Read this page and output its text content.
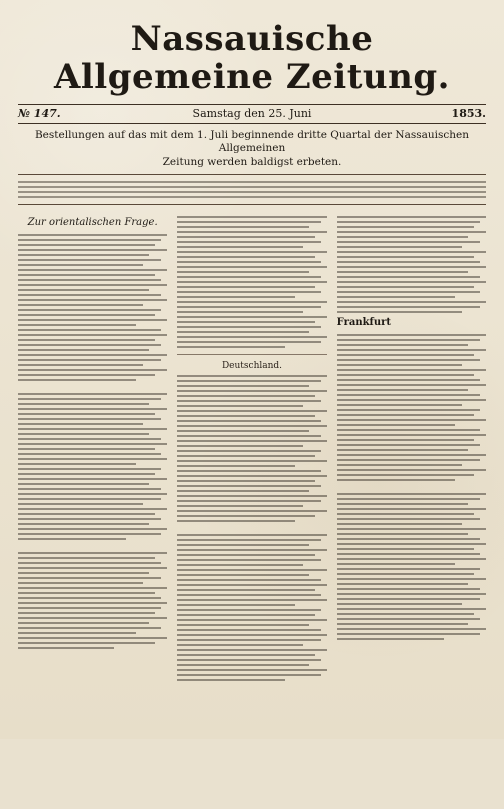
Nassauische Allgemeine Zeitung.
№ 147.	Samstag den 25. Juni	1853.
Bestellungen auf das mit dem 1. Juli beginnende dritte Quartal der Nassauischen Allgemeinen
Zeitung werden baldigst erbeten.
Zur orientalischen Frage.
Deutschland.
Frankfurt
